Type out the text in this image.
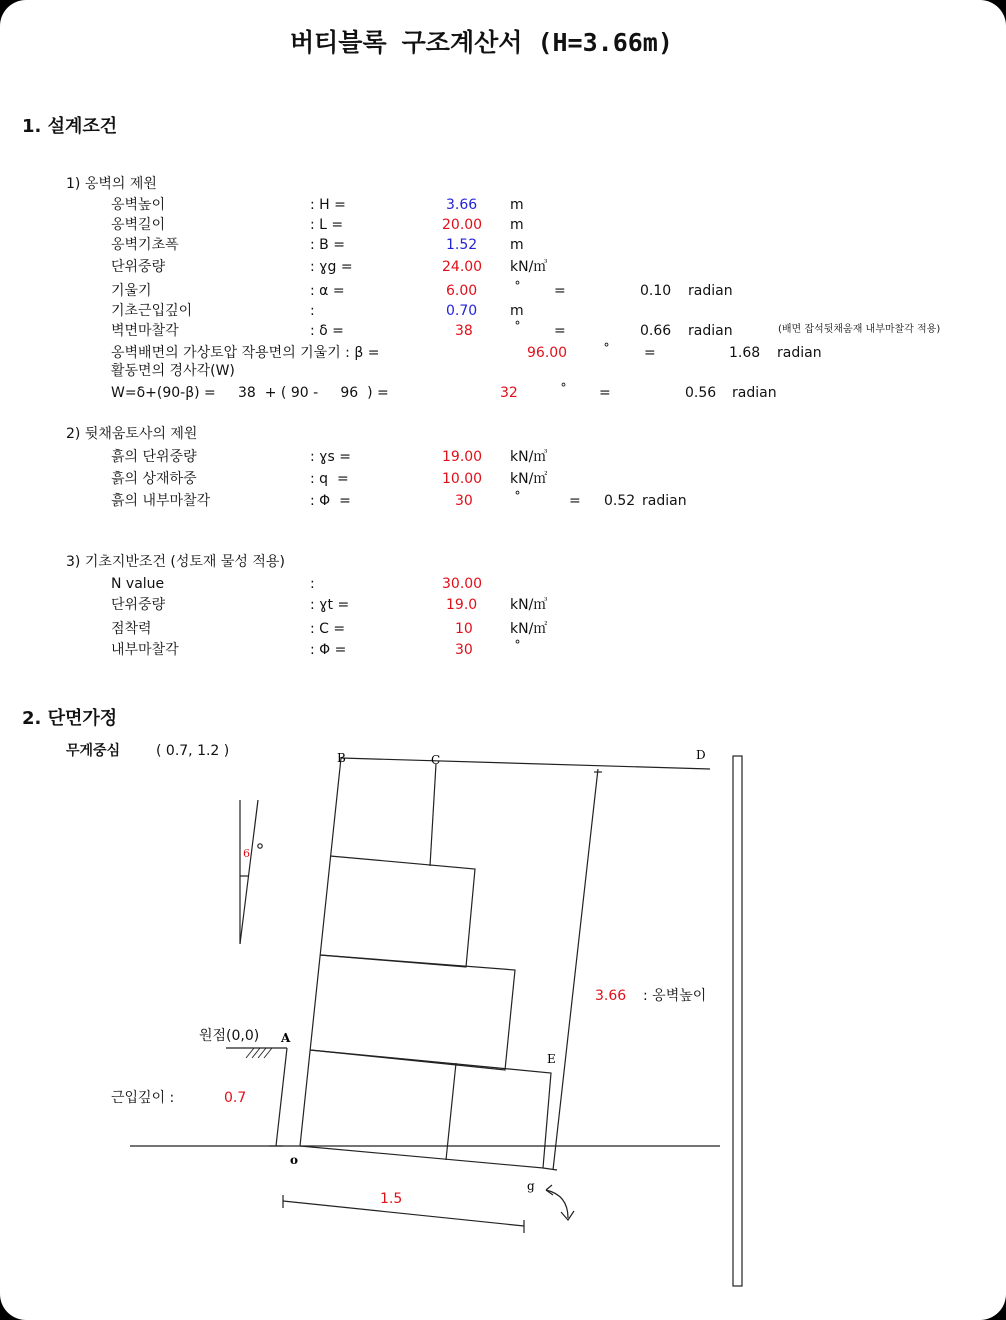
버티블록 구조계산서 (H=3.66m)
1. 설계조건
1) 옹벽의 제원
옹벽높이	: H =	3.66 m
옹벽길이	: L =	20.00 m
옹벽기초폭	: B =	1.52 m
단위중량	: ɣg =	24.00 kN/㎥
기울기	: α =	6.00	˚ =	0.10 radian
기초근입깊이	:	0.70 m
벽면마찰각	: δ =	38	˚ =	0.66 radian	(배면 잡석뒷채움재 내부마찰각 적용)
옹벽배면의 가상토압 작용면의 기울기 : β =	96.00	˚ =	1.68 radian
활동면의 경사각(W)
W=δ+(90-β) =     38  + ( 90 -     96  ) =	32	˚ =	0.56 radian
2) 뒷채움토사의 제원
흙의 단위중량	: ɣs =	19.00 kN/㎥
흙의 상재하중	: q  =	10.00 kN/㎡
흙의 내부마찰각	: Φ  =	30	˚	= 0.52 radian
3) 기초지반조건 (성토재 물성 적용)
N value	:	30.00
단위중량	: ɣt =	19.0 kN/㎥
점착력	: C =	10	kN/㎡
내부마찰각	: Φ =	30	˚
2. 단면가정
무게중심	( 0.7, 1.2 )	B	C	D
A
E
o
g
6
원점(0,0)
근입깊이 :	0.7
3.66 : 옹벽높이
1.5
